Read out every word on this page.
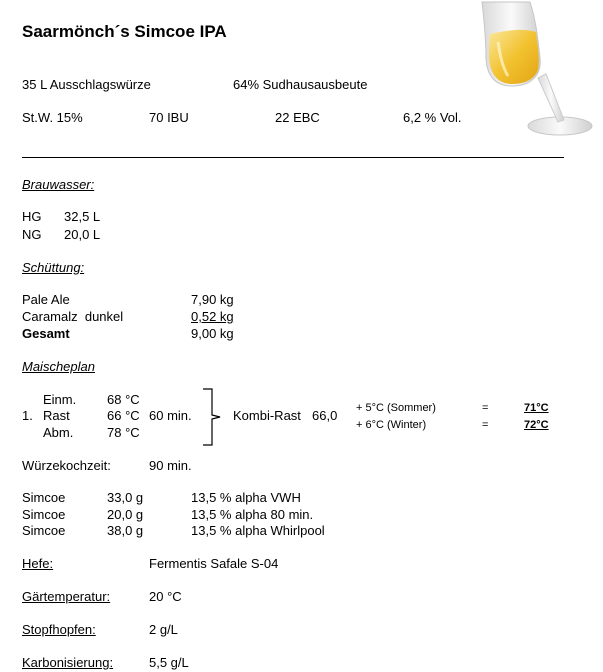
Saarmönch´s Simcoe IPA
35 L Ausschlagswürze	64% Sudhausausbeute
St.W. 15%	70 IBU	22 EBC	6,2 % Vol.
Brauwasser:
HG 32,5 L
NG 20,0 L
Schüttung:
Pale Ale	7,90 kg
Caramalz  dunkel	0,52 kg
Gesamt	9,00 kg
Maischeplan
Einm. 68 °C
1. Rast	66 °C 60 min.
Abm.	78 °C
Kombi-Rast 66,0 + 5°C (Sommer)	=	71°C
+ 6°C (Winter)	=	72°C
Würzekochzeit:	90 min.
Simcoe	33,0 g	13,5 % alpha VWH
Simcoe	20,0 g	13,5 % alpha 80 min.
Simcoe	38,0 g	13,5 % alpha Whirlpool
Hefe:	Fermentis Safale S-04
Gärtemperatur:	20 °C
Stopfhopfen:	2 g/L
Karbonisierung:	5,5 g/L
